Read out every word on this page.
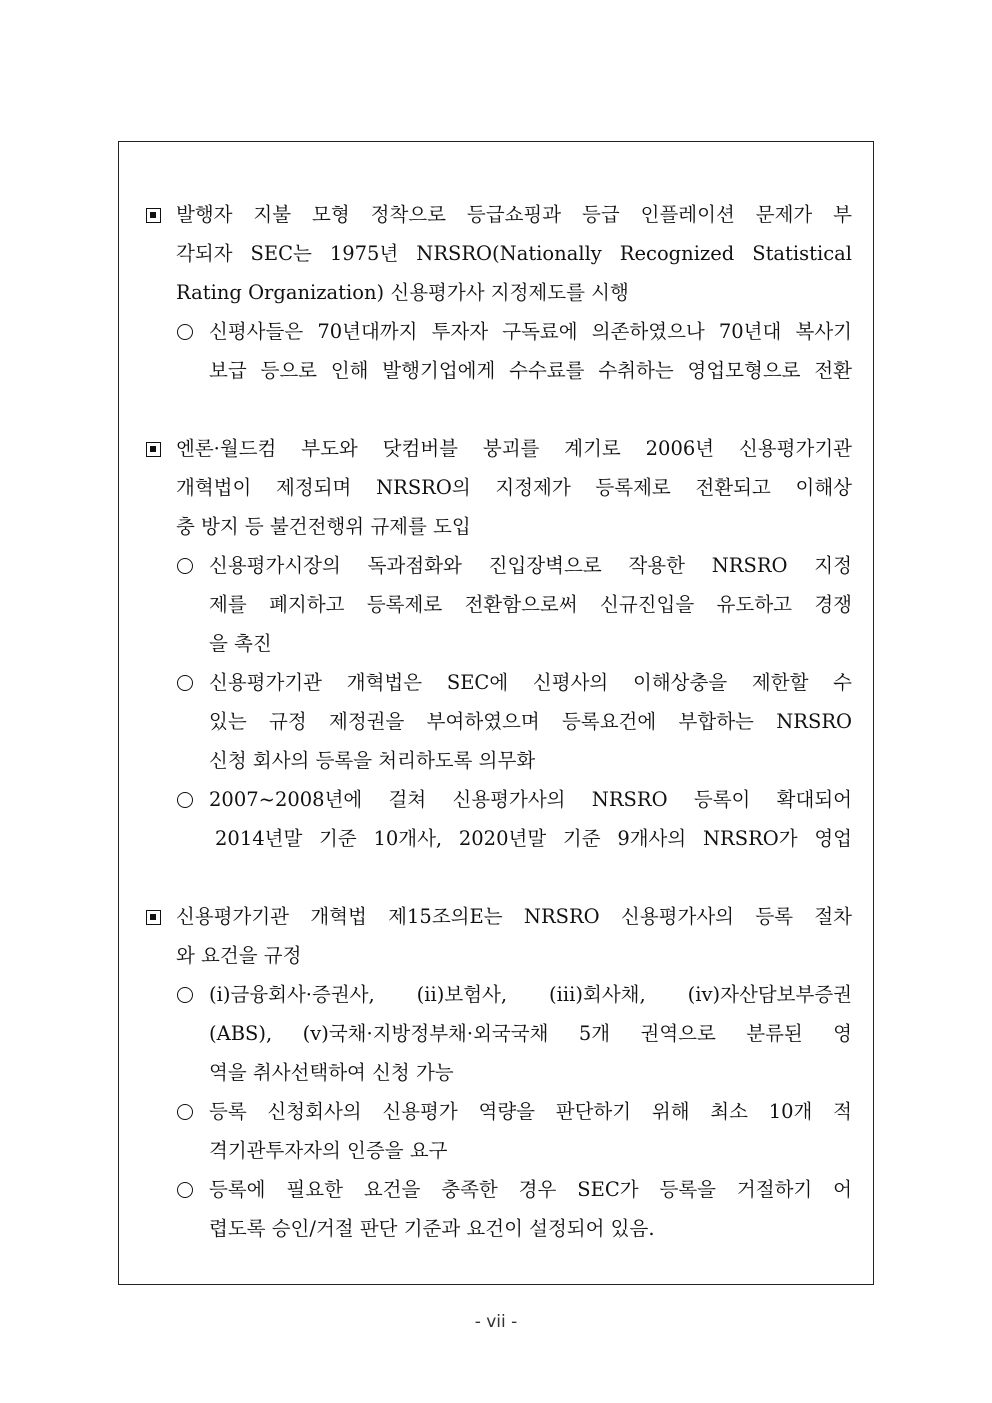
발행자 지불 모형 정착으로 등급쇼핑과 등급 인플레이션 문제가 부
각되자 SEC는 1975년 NRSRO(Nationally Recognized Statistical
Rating Organization) 신용평가사 지정제도를 시행
신평사들은 70년대까지 투자자 구독료에 의존하였으나 70년대 복사기
보급 등으로 인해 발행기업에게 수수료를 수취하는 영업모형으로 전환
엔론·월드컴 부도와 닷컴버블 붕괴를 계기로 2006년 신용평가기관
개혁법이 제정되며 NRSRO의 지정제가 등록제로 전환되고 이해상
충 방지 등 불건전행위 규제를 도입
신용평가시장의 독과점화와 진입장벽으로 작용한 NRSRO 지정
제를 폐지하고 등록제로 전환함으로써 신규진입을 유도하고 경쟁
을 촉진
신용평가기관 개혁법은 SEC에 신평사의 이해상충을 제한할 수
있는 규정 제정권을 부여하였으며 등록요건에 부합하는 NRSRO
신청 회사의 등록을 처리하도록 의무화
2007~2008년에 걸쳐 신용평가사의 NRSRO 등록이 확대되어
2014년말 기준 10개사, 2020년말 기준 9개사의 NRSRO가 영업
신용평가기관 개혁법 제15조의E는 NRSRO 신용평가사의 등록 절차
와 요건을 규정
(i)금융회사·증권사, (ii)보험사, (iii)회사채, (iv)자산담보부증권
(ABS), (v)국채·지방정부채·외국국채 5개 권역으로 분류된 영
역을 취사선택하여 신청 가능
등록 신청회사의 신용평가 역량을 판단하기 위해 최소 10개 적
격기관투자자의 인증을 요구
등록에 필요한 요건을 충족한 경우 SEC가 등록을 거절하기 어
렵도록 승인/거절 판단 기준과 요건이 설정되어 있음.
- vii -
